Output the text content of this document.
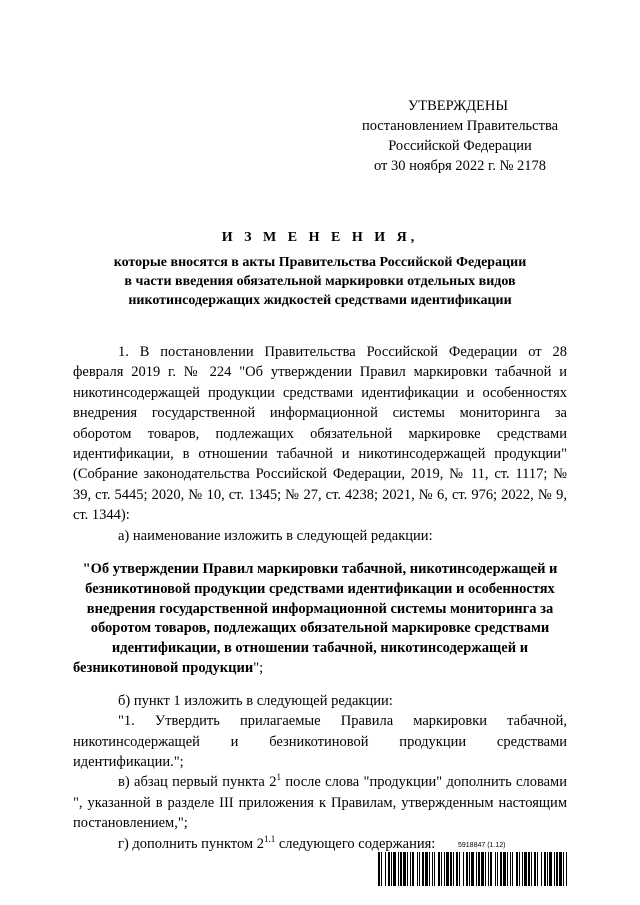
УТВЕРЖДЕНЫ
постановлением Правительства
Российской Федерации
от 30 ноября 2022 г. № 2178
И З М Е Н Е Н И Я,
которые вносятся в акты Правительства Российской Федерации
в части введения обязательной маркировки отдельных видов
никотинсодержащих жидкостей средствами идентификации

1. В постановлении Правительства Российской Федерации от 28 февраля 2019 г. № 224 "Об утверждении Правил маркировки табачной и никотинсодержащей продукции средствами идентификации и особенностях внедрения государственной информационной системы мониторинга за оборотом товаров, подлежащих обязательной маркировке средствами идентификации, в отношении табачной и никотинсодержащей продукции" (Собрание законодательства Российской Федерации, 2019, № 11, ст. 1117; № 39, ст. 5445; 2020, № 10, ст. 1345; № 27, ст. 4238; 2021, № 6, ст. 976; 2022, № 9, ст. 1344):

а) наименование изложить в следующей редакции:

"Об утверждении Правил маркировки табачной, никотинсодержащей и безникотиновой продукции средствами идентификации и особенностях внедрения государственной информационной системы мониторинга за оборотом товаров, подлежащих обязательной маркировке средствами идентификации, в отношении табачной, никотинсодержащей и безникотиновой продукции";

б) пункт 1 изложить в следующей редакции:

"1. Утвердить прилагаемые Правила маркировки табачной, никотинсодержащей и безникотиновой продукции средствами идентификации.";

в) абзац первый пункта $2^1$ после слова "продукции" дополнить словами ", указанной в разделе III приложения к Правилам, утвержденным настоящим постановлением,";

г) дополнить пунктом $2^{1.1}$ следующего содержания:	5918847 (1.12)
